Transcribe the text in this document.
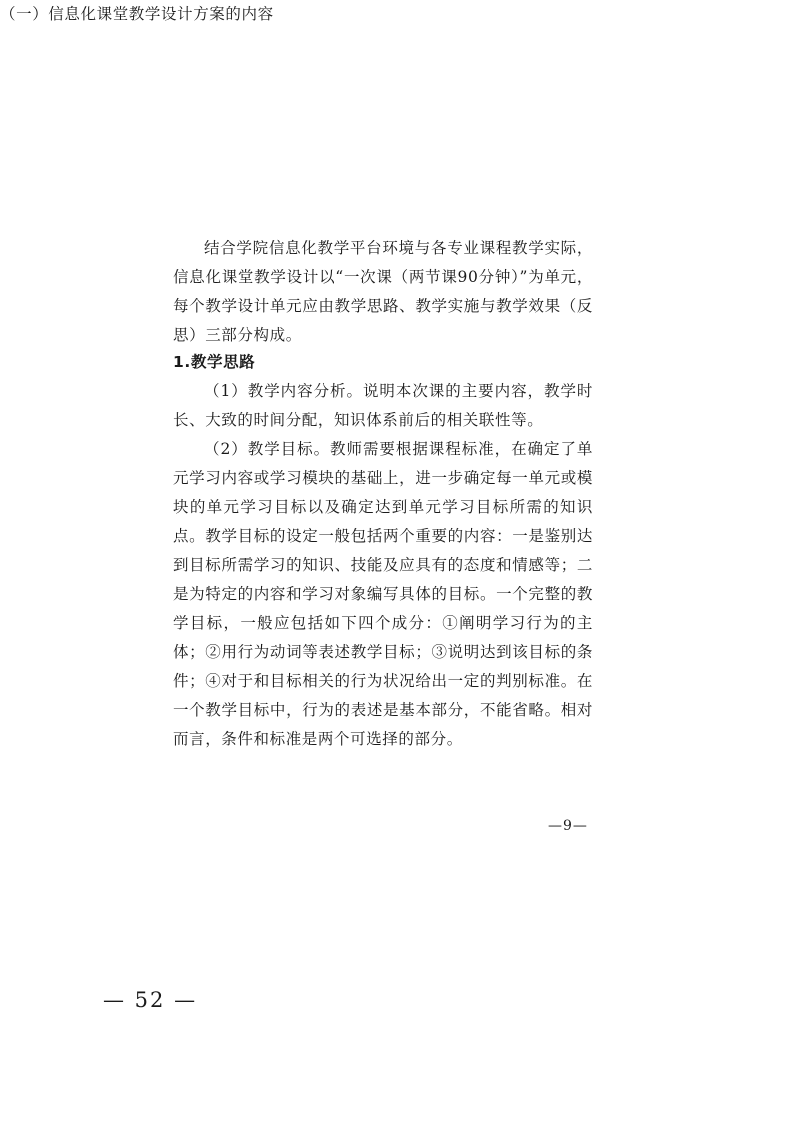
（一）信息化课堂教学设计方案的内容

结合学院信息化教学平台环境与各专业课程教学实际，信息化课堂教学设计以“一次课（两节课90分钟）”为单元，每个教学设计单元应由教学思路、教学实施与教学效果（反思）三部分构成。

1.教学思路

（1）教学内容分析。说明本次课的主要内容，教学时长、大致的时间分配，知识体系前后的相关联性等。

（2）教学目标。教师需要根据课程标准，在确定了单元学习内容或学习模块的基础上，进一步确定每一单元或模块的单元学习目标以及确定达到单元学习目标所需的知识点。教学目标的设定一般包括两个重要的内容：一是鉴别达到目标所需学习的知识、技能及应具有的态度和情感等；二是为特定的内容和学习对象编写具体的目标。一个完整的教学目标，一般应包括如下四个成分：①阐明学习行为的主体；②用行为动词等表述教学目标；③说明达到该目标的条件；④对于和目标相关的行为状况给出一定的判别标准。在一个教学目标中，行为的表述是基本部分，不能省略。相对而言，条件和标准是两个可选择的部分。

—9—
— 52 —
